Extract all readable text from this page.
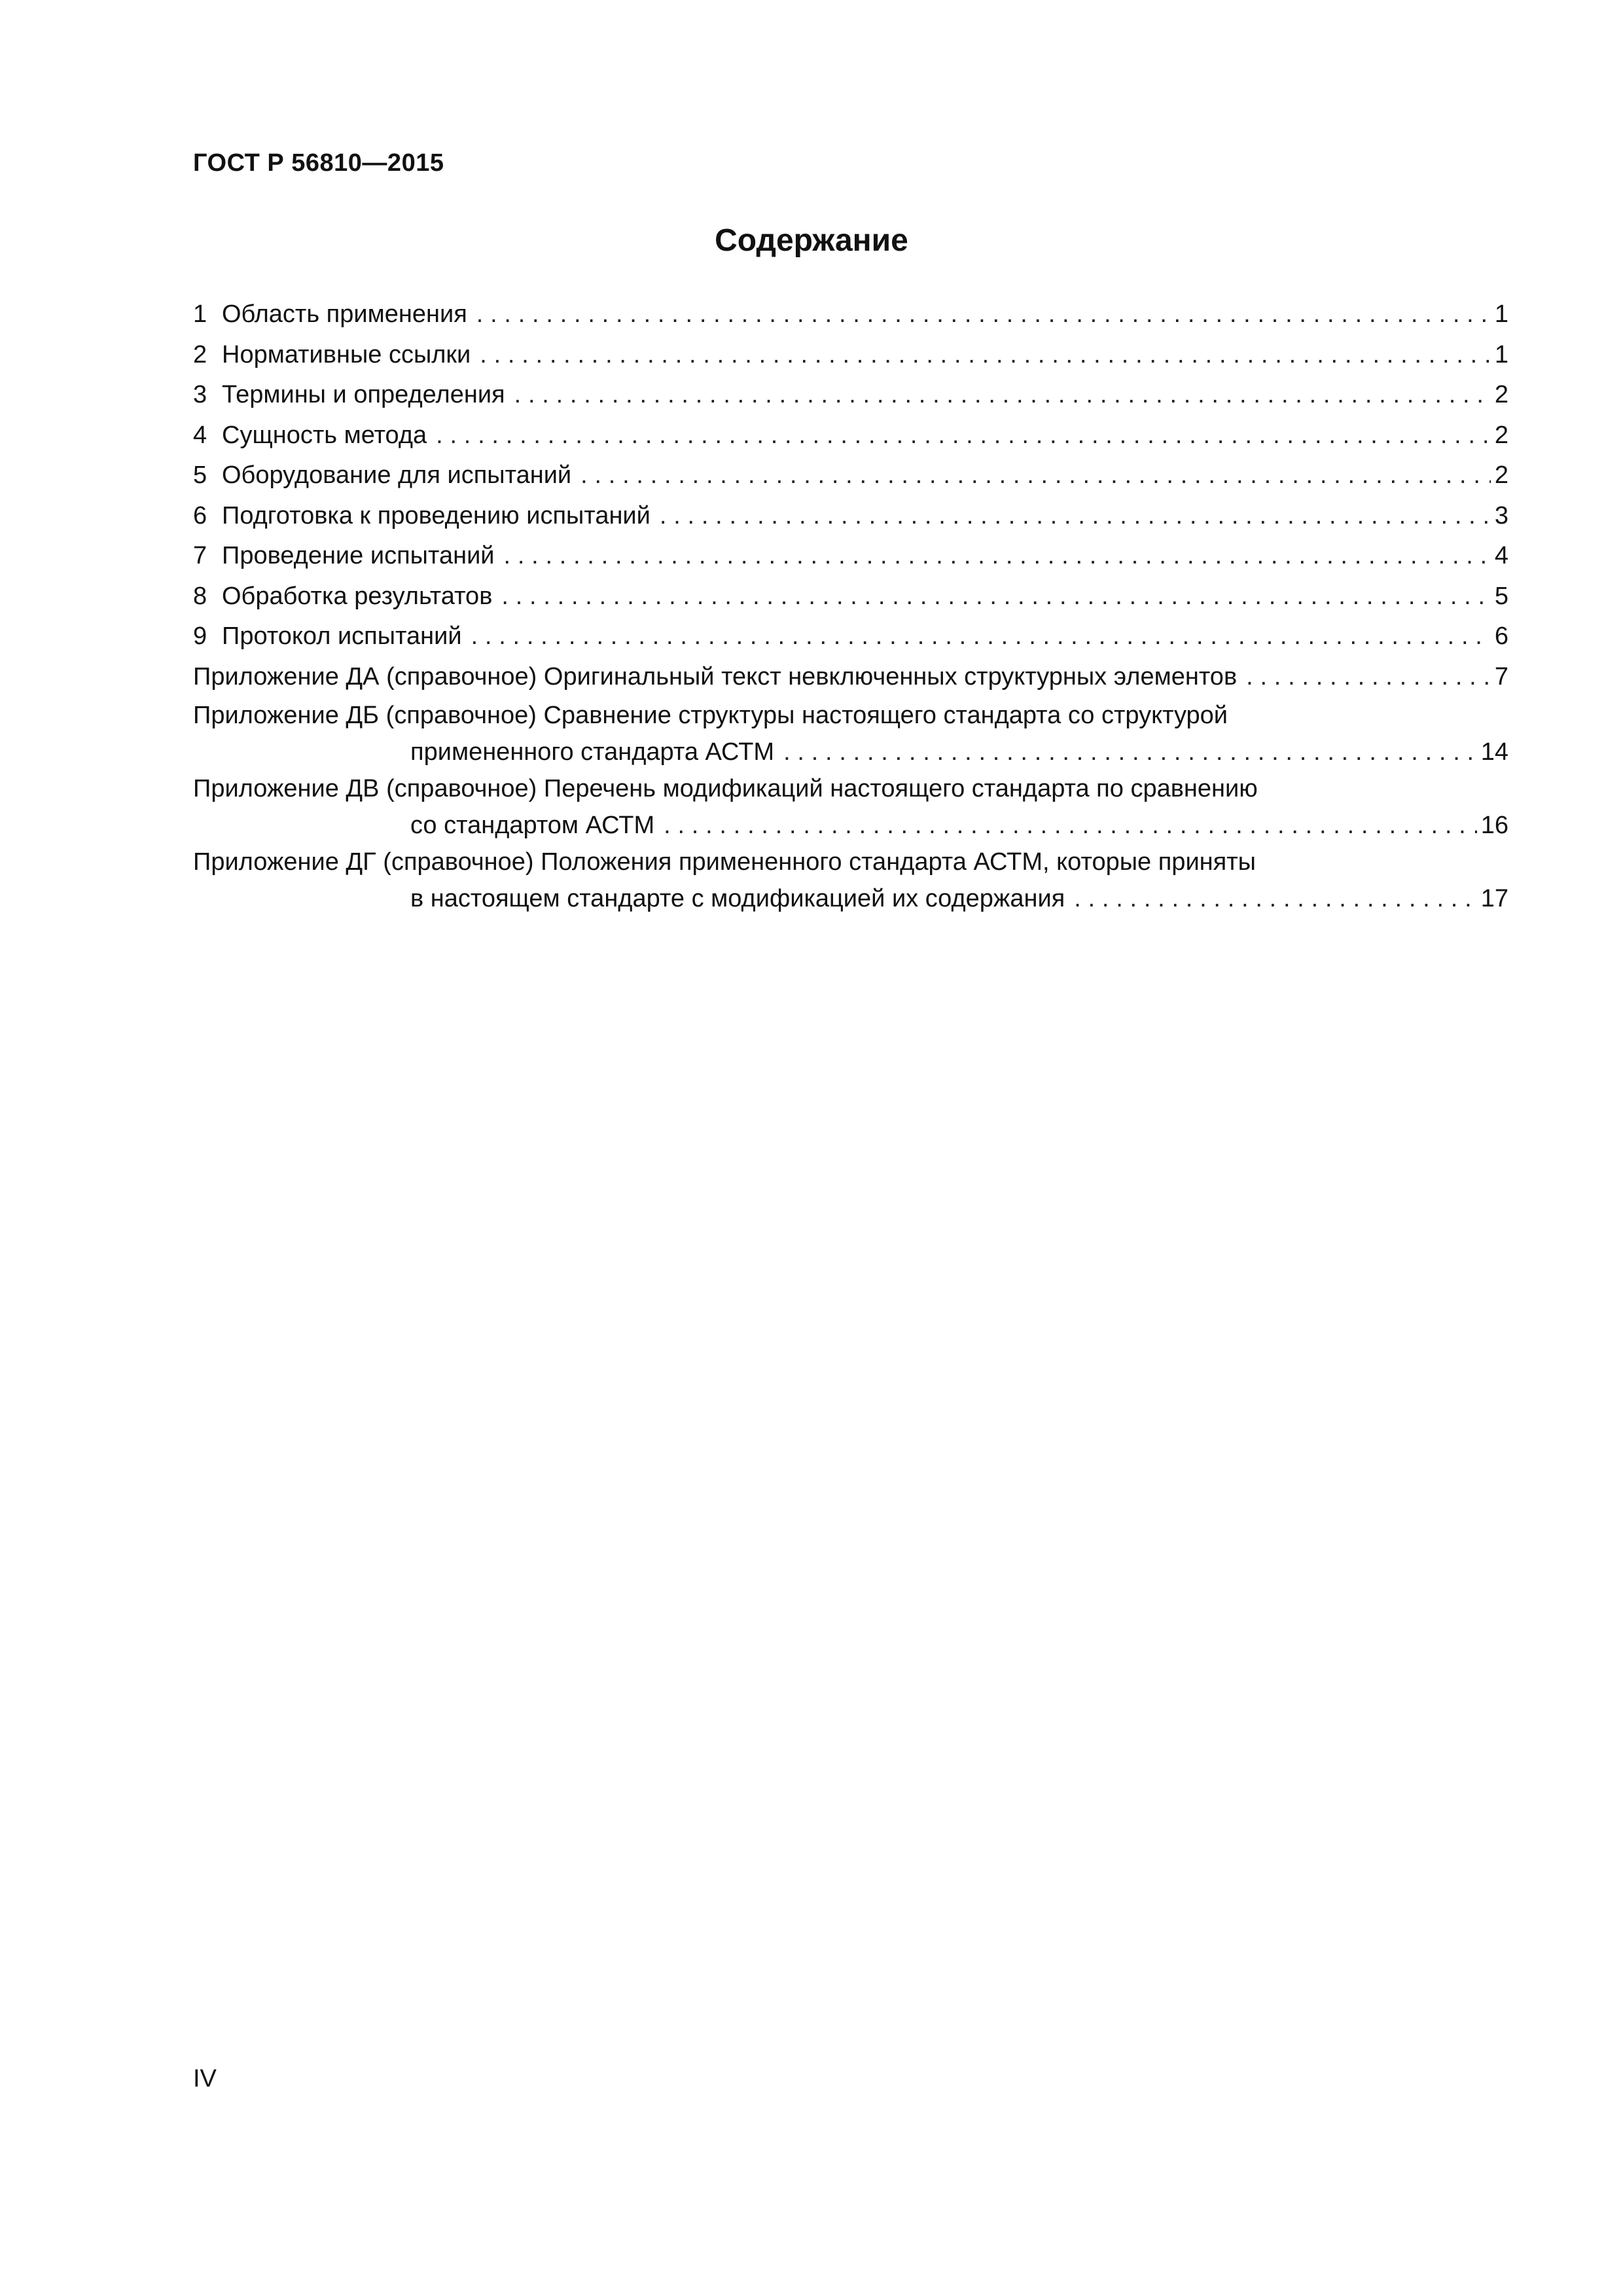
ГОСТ Р 56810—2015
Содержание
1 Область применения . . .	1
2 Нормативные ссылки . . .	1
3 Термины и определения . . .	2
4 Сущность метода . . .	2
5 Оборудование для испытаний . . .	2
6 Подготовка к проведению испытаний . . .	3
7 Проведение испытаний . . .	4
8 Обработка результатов . . .	5
9 Протокол испытаний . . .	6
Приложение ДА (справочное) Оригинальный текст невключенных структурных элементов . . .	7
Приложение ДБ (справочное) Сравнение структуры настоящего стандарта со структурой
примененного стандарта АСТМ . . .	14
Приложение ДВ (справочное) Перечень модификаций настоящего стандарта по сравнению
со стандартом АСТМ . . .	16
Приложение ДГ (справочное) Положения примененного стандарта АСТМ, которые приняты
в настоящем стандарте с модификацией их содержания . . .	17
IV
